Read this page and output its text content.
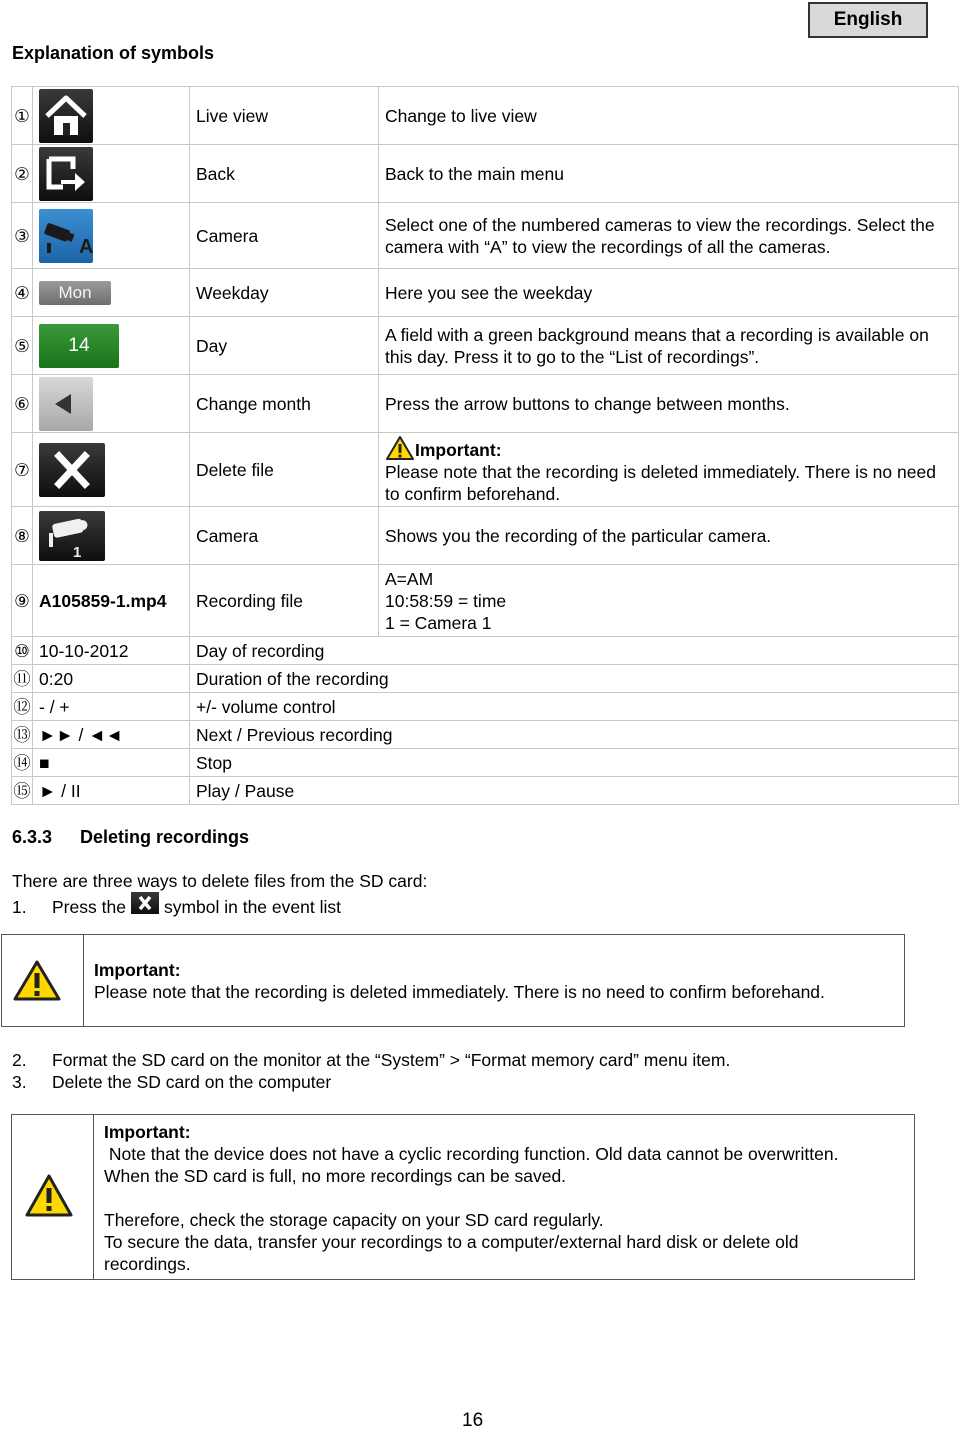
English
Explanation of symbols
①		Live view	Change to live view
②		Back	Back to the main menu
③	A	Camera	Select one of the numbered cameras to view the recordings. Select the camera with “A” to view the recordings of all the cameras.
④	Mon	Weekday	Here you see the weekday
⑤	14	Day	A field with a green background means that a recording is available on this day. Press it to go to the “List of recordings”.
⑥		Change month	Press the arrow buttons to change between months.
⑦		Delete file	Important:
Please note that the recording is deleted immediately. There is no need to confirm beforehand.

⑧	1	Camera	Shows you the recording of the particular camera.
⑨	A105859-1.mp4	Recording file	A=AM
10:58:59 = time
1 = Camera 1

⑩	10-10-2012	Day of recording	
⑪	0:20	Duration of the recording	
⑫	- / +	+/- volume control	
⑬	►► / ◄◄	Next / Previous recording	
⑭	■	Stop	
⑮	► / II	Play / Pause	
6.3.3 Deleting recordings
There are three ways to delete files from the SD card:
1. Press the symbol in the event list
Important:
Please note that the recording is deleted immediately. There is no need to confirm beforehand.
2. Format the SD card on the monitor at the “System” > “Format memory card” menu item.
3. Delete the SD card on the computer
Important:
Note that the device does not have a cyclic recording function. Old data cannot be overwritten.
When the SD card is full, no more recordings can be saved.
Therefore, check the storage capacity on your SD card regularly.
To secure the data, transfer your recordings to a computer/external hard disk or delete old
recordings.
16
